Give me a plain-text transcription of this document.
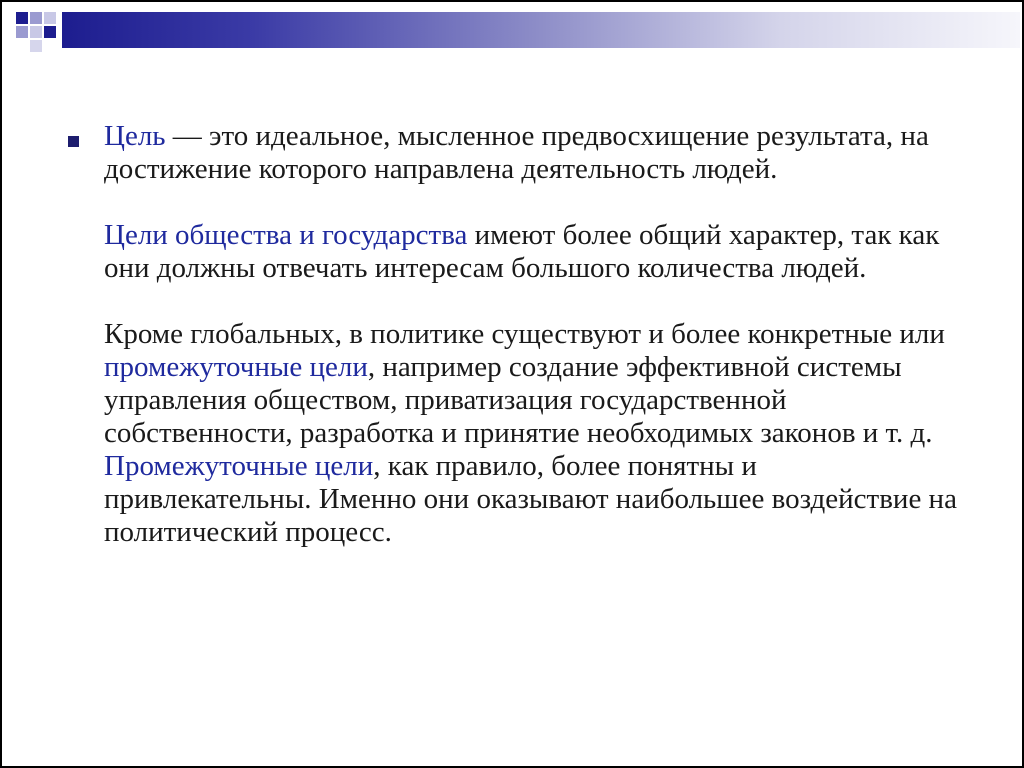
Цель — это идеальное, мысленное предвосхищение результата, на достижение которого направлена деятельность людей.

Цели общества и государства имеют более общий характер, так как они должны отвечать интересам большого количества людей.

Кроме глобальных, в политике существуют и более конкретные или промежуточные цели, например создание эффективной системы управления обществом, приватизация государственной собственности, разработка и принятие необходимых законов и т. д. Промежуточные цели, как правило, более понятны и привлекательны. Именно они оказывают наибольшее воздействие на политический процесс.
